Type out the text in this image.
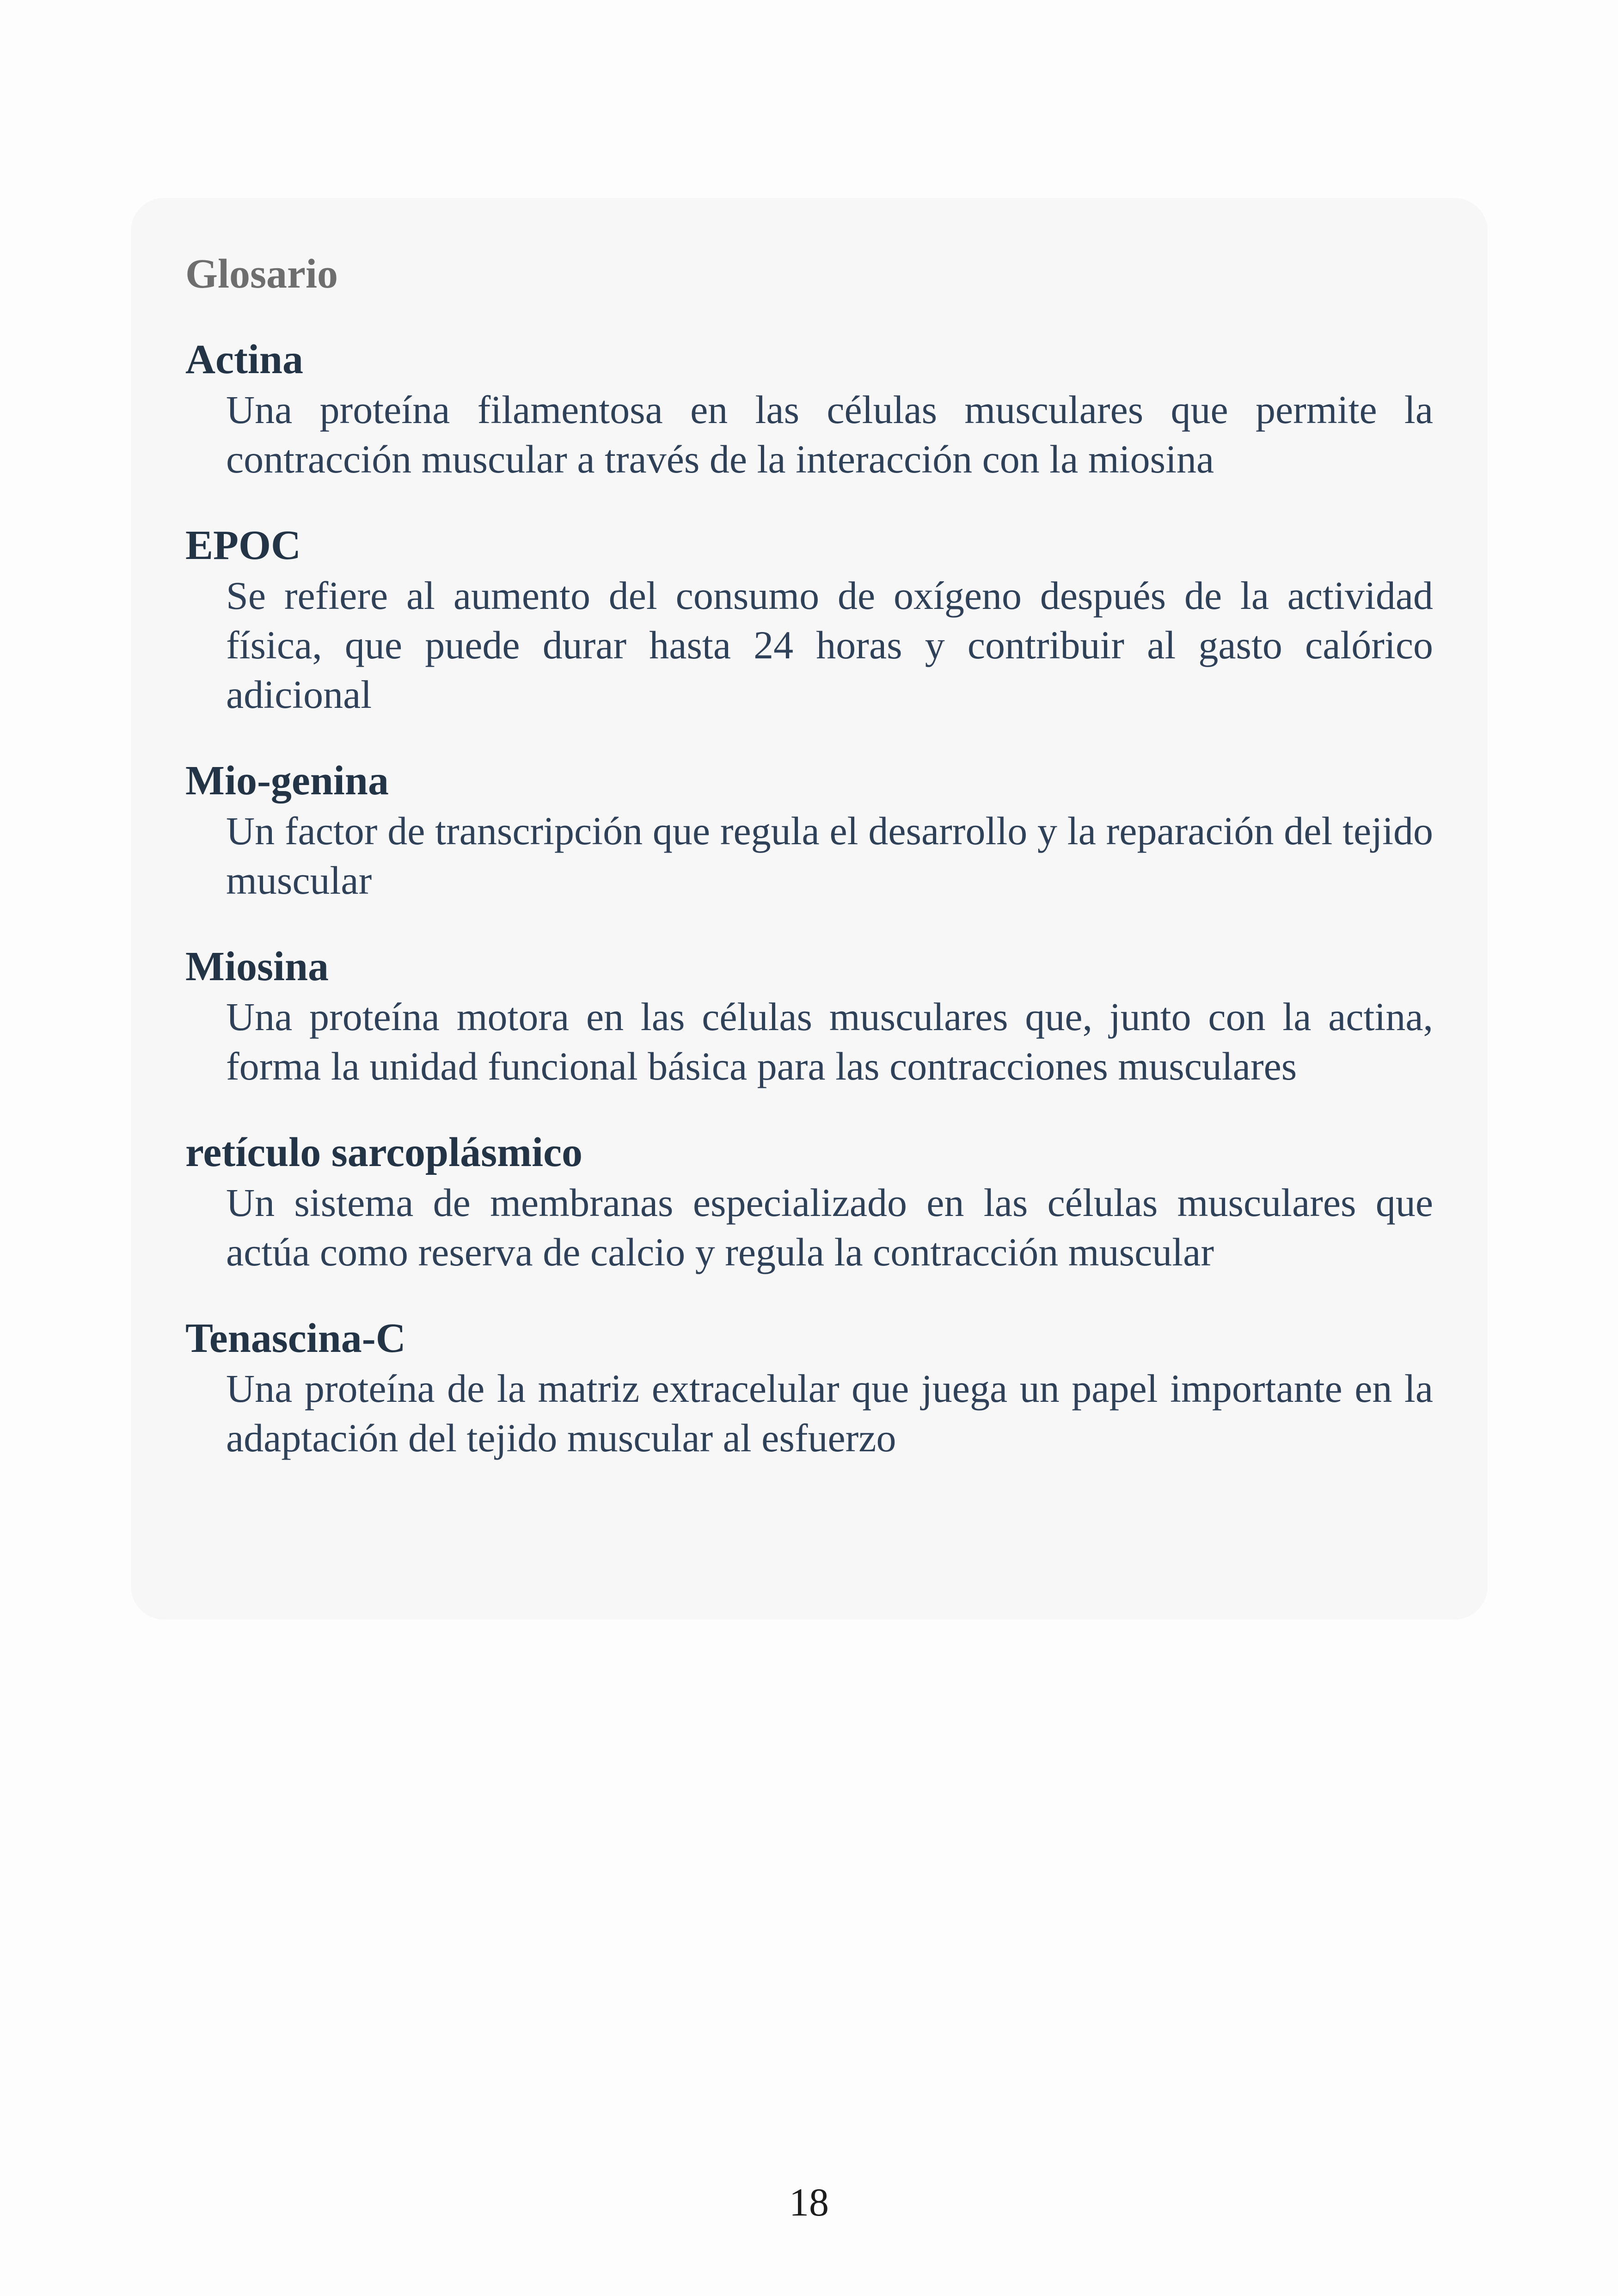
Glosario
Actina
Una proteína filamentosa en las células musculares que permite la contracción muscular a través de la interacción con la miosina
EPOC
Se refiere al aumento del consumo de oxígeno después de la actividad física, que puede durar hasta 24 horas y contribuir al gasto calórico adicional
Mio-genina
Un factor de transcripción que regula el desarrollo y la reparación del tejido muscular
Miosina
Una proteína motora en las células musculares que, junto con la actina, forma la unidad funcional básica para las contracciones musculares
retículo sarcoplásmico
Un sistema de membranas especializado en las células musculares que actúa como reserva de calcio y regula la contracción muscular
Tenascina-C
Una proteína de la matriz extracelular que juega un papel importante en la adaptación del tejido muscular al esfuerzo
18
